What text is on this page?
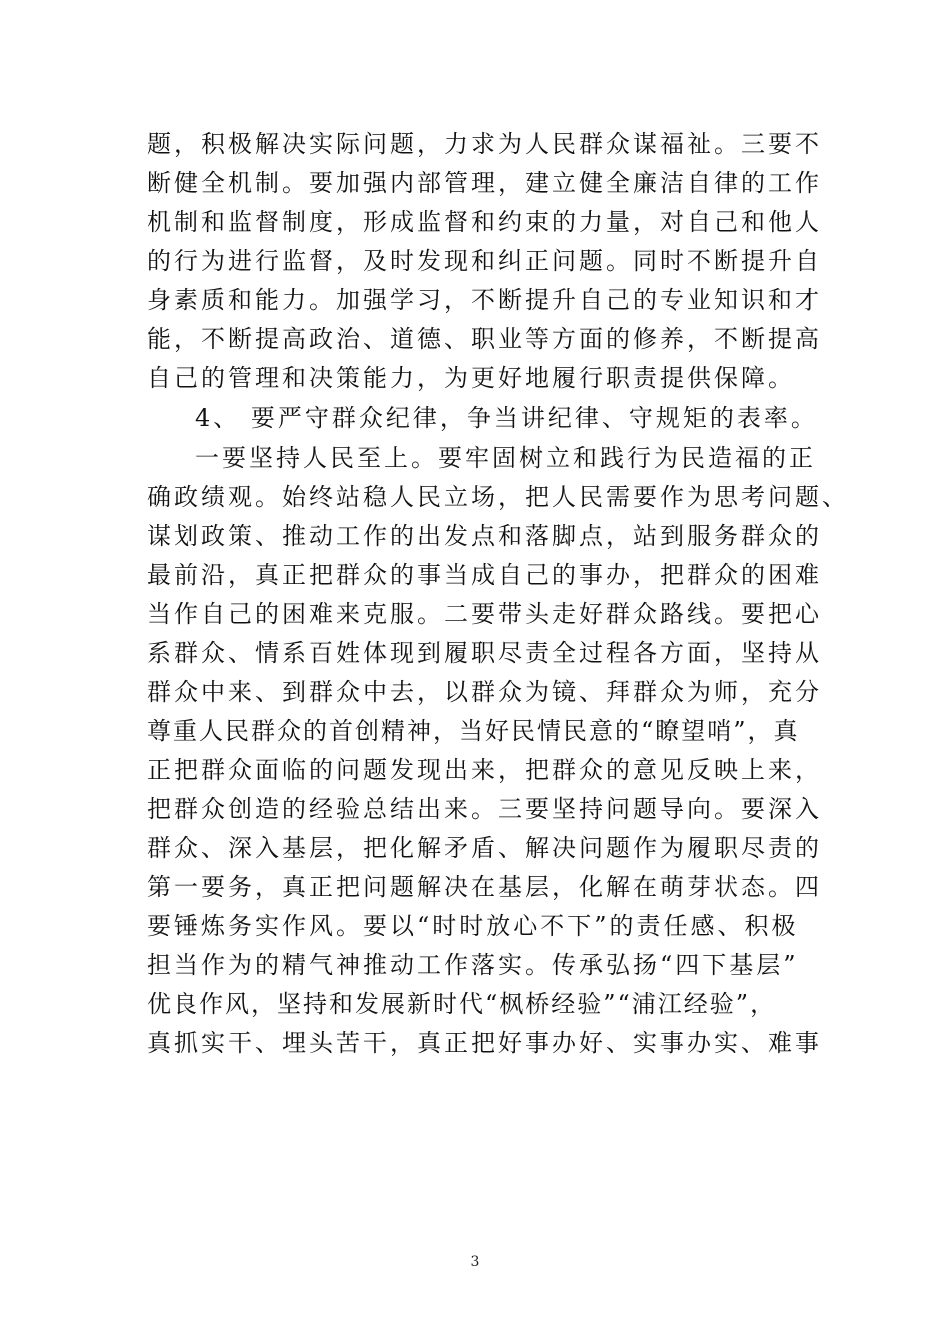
题，积极解决实际问题，力求为人民群众谋福祉。三要不
断健全机制。要加强内部管理，建立健全廉洁自律的工作
机制和监督制度，形成监督和约束的力量，对自己和他人
的行为进行监督，及时发现和纠正问题。同时不断提升自
身素质和能力。加强学习，不断提升自己的专业知识和才
能，不断提高政治、道德、职业等方面的修养，不断提高
自己的管理和决策能力，为更好地履行职责提供保障。
4、 要严守群众纪律，争当讲纪律、守规矩的表率。
一要坚持人民至上。要牢固树立和践行为民造福的正
确政绩观。始终站稳人民立场，把人民需要作为思考问题、
谋划政策、推动工作的出发点和落脚点，站到服务群众的
最前沿，真正把群众的事当成自己的事办，把群众的困难
当作自己的困难来克服。二要带头走好群众路线。要把心
系群众、情系百姓体现到履职尽责全过程各方面，坚持从
群众中来、到群众中去，以群众为镜、拜群众为师，充分
尊重人民群众的首创精神，当好民情民意的“瞭望哨”，真
正把群众面临的问题发现出来，把群众的意见反映上来，
把群众创造的经验总结出来。三要坚持问题导向。要深入
群众、深入基层，把化解矛盾、解决问题作为履职尽责的
第一要务，真正把问题解决在基层，化解在萌芽状态。四
要锤炼务实作风。要以“时时放心不下”的责任感、积极
担当作为的精气神推动工作落实。传承弘扬“四下基层”
优良作风，坚持和发展新时代“枫桥经验”“浦江经验”，
真抓实干、埋头苦干，真正把好事办好、实事办实、难事
3
